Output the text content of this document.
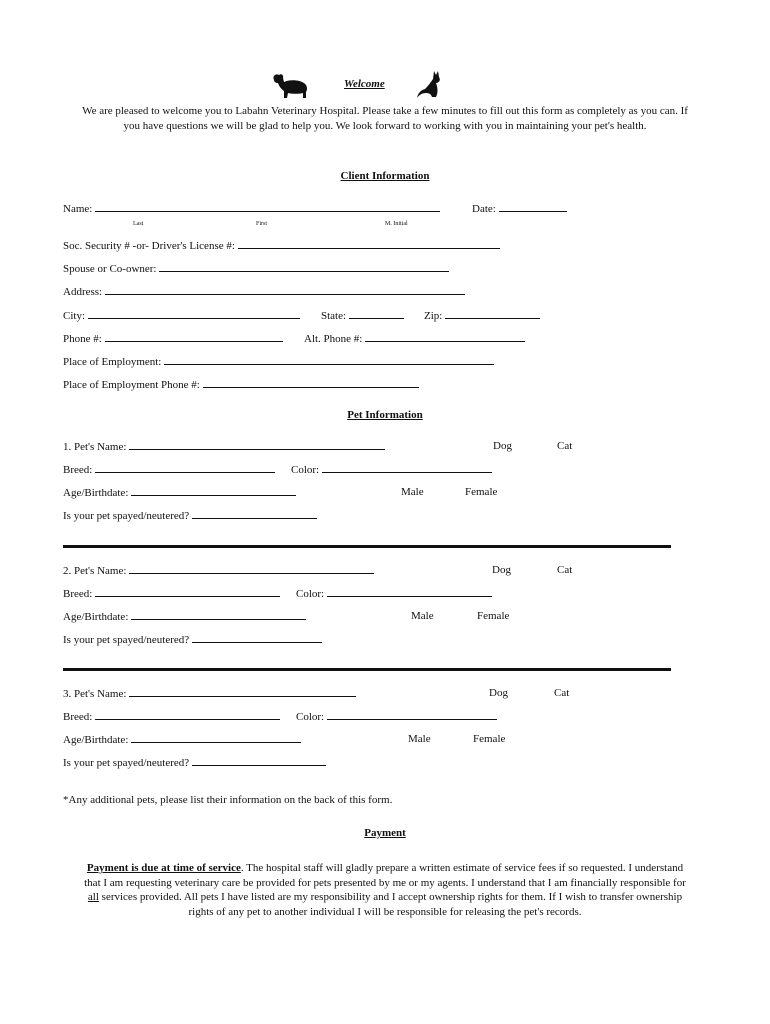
Welcome
We are pleased to welcome you to Labahn Veterinary Hospital. Please take a few minutes to fill out this form as completely as you can. If you have questions we will be glad to help you. We look forward to working with you in maintaining your pet's health.
Client Information
Name:	Date:
Last	First	M. Initial
Soc. Security # -or- Driver's License #:
Spouse or Co-owner:
Address:
City:	State:	Zip:
Phone #:	Alt. Phone #:
Place of Employment:
Place of Employment Phone #:
Pet Information
1. Pet's Name:	Dog	Cat
Breed:	Color:
Age/Birthdate:	Male	Female
Is your pet spayed/neutered?
2. Pet's Name:	Dog	Cat
Breed:	Color:
Age/Birthdate:	Male	Female
Is your pet spayed/neutered?
3. Pet's Name:	Dog	Cat
Breed:	Color:
Age/Birthdate:	Male	Female
Is your pet spayed/neutered?
*Any additional pets, please list their information on the back of this form.
Payment
Payment is due at time of service. The hospital staff will gladly prepare a written estimate of service fees if so requested. I understand that I am requesting veterinary care be provided for pets presented by me or my agents. I understand that I am financially responsible for all services provided. All pets I have listed are my responsibility and I accept ownership rights for them. If I wish to transfer ownership rights of any pet to another individual I will be responsible for releasing the pet's records.
